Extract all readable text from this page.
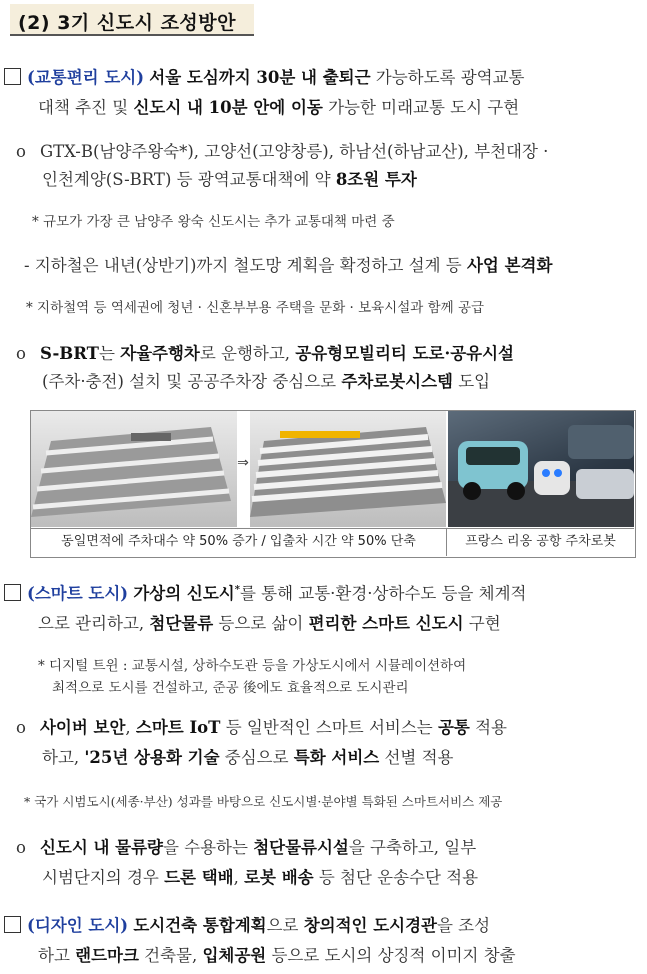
(2) 3기 신도시 조성방안
(교통편리 도시) 서울 도심까지 30분 내 출퇴근 가능하도록 광역교통
대책 추진 및 신도시 내 10분 안에 이동 가능한 미래교통 도시 구현
o GTX-B(남양주왕숙*), 고양선(고양창릉), 하남선(하남교산), 부천대장 ·
인천계양(S-BRT) 등 광역교통대책에 약 8조원 투자
* 규모가 가장 큰 남양주 왕숙 신도시는 추가 교통대책 마련 중
- 지하철은 내년(상반기)까지 철도망 계획을 확정하고 설계 등 사업 본격화
* 지하철역 등 역세권에 청년 · 신혼부부용 주택을 문화 · 보육시설과 함께 공급
o S-BRT는 자율주행차로 운행하고, 공유형모빌리티 도로·공유시설
(주차·충전) 설치 및 공공주차장 중심으로 주차로봇시스템 도입
⇒
동일면적에 주차대수 약 50% 증가 / 입출차 시간 약 50% 단축	프랑스 리옹 공항 주차로봇
(스마트 도시) 가상의 신도시*를 통해 교통·환경·상하수도 등을 체계적
으로 관리하고, 첨단물류 등으로 삶이 편리한 스마트 신도시 구현
* 디지털 트윈 : 교통시설, 상하수도관 등을 가상도시에서 시뮬레이션하여
최적으로 도시를 건설하고, 준공 後에도 효율적으로 도시관리
o 사이버 보안, 스마트 IoT 등 일반적인 스마트 서비스는 공통 적용
하고, '25년 상용화 기술 중심으로 특화 서비스 선별 적용
* 국가 시범도시(세종·부산) 성과를 바탕으로 신도시별·분야별 특화된 스마트서비스 제공
o 신도시 내 물류량을 수용하는 첨단물류시설을 구축하고, 일부
시범단지의 경우 드론 택배, 로봇 배송 등 첨단 운송수단 적용
(디자인 도시) 도시건축 통합계획으로 창의적인 도시경관을 조성
하고 랜드마크 건축물, 입체공원 등으로 도시의 상징적 이미지 창출
